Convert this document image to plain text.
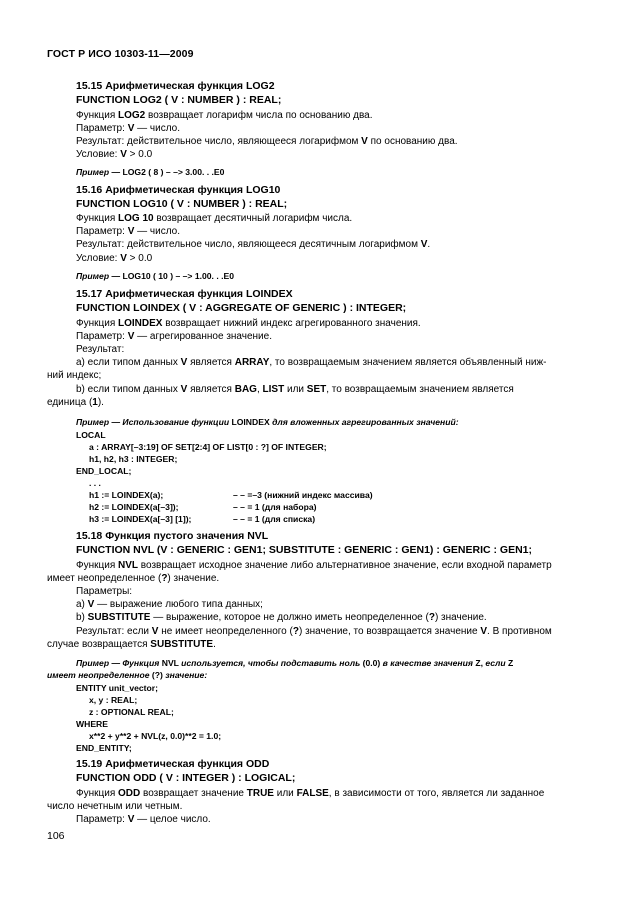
ГОСТ Р ИСО 10303-11—2009
15.15 Арифметическая функция LOG2
FUNCTION LOG2 ( V : NUMBER ) : REAL;
Функция LOG2 возвращает логарифм числа по основанию два.
Параметр: V — число.
Результат: действительное число, являющееся логарифмом V по основанию два.
Условие: V > 0.0
Пример — LOG2 ( 8 ) – –> 3.00. . .E0
15.16 Арифметическая функция LOG10
FUNCTION LOG10 ( V : NUMBER ) : REAL;
Функция LOG 10 возвращает десятичный логарифм числа.
Параметр: V — число.
Результат: действительное число, являющееся десятичным логарифмом V.
Условие: V > 0.0
Пример — LOG10 ( 10 ) – –> 1.00. . .E0
15.17 Арифметическая функция LOINDEX
FUNCTION LOINDEX ( V : AGGREGATE OF GENERIC ) : INTEGER;
Функция LOINDEX возвращает нижний индекс агрегированного значения.
Параметр: V — агрегированное значение.
Результат:
а) если типом данных V является ARRAY, то возвращаемым значением является объявленный ниж-
ний индекс;
b) если типом данных V является BAG, LIST или SET, то возвращаемым значением является
единица (1).
Пример — Использование функции LOINDEX для вложенных агрегированных значений:
LOCAL
a : ARRAY[–3:19] OF SET[2:4] OF LIST[0 : ?] OF INTEGER;
h1, h2, h3 : INTEGER;
END_LOCAL;
. . .
h1 := LOINDEX(a);
h2 := LOINDEX(a[–3]);
h3 := LOINDEX(a[–3] [1]);
– – =–3 (нижний индекс массива)
– – = 1 (для набора)
– – = 1 (для списка)
15.18 Функция пустого значения NVL
FUNCTION NVL (V : GENERIC : GEN1; SUBSTITUTE : GENERIC : GEN1) : GENERIC : GEN1;
Функция NVL возвращает исходное значение либо альтернативное значение, если входной параметр
имеет неопределенное (?) значение.
Параметры:
а) V — выражение любого типа данных;
b) SUBSTITUTE — выражение, которое не должно иметь неопределенное (?) значение.
Результат: если V не имеет неопределенного (?) значение, то возвращается значение V. В противном
случае возвращается SUBSTITUTE.
Пример — Функция NVL используется, чтобы подставить ноль (0.0) в качестве значения Z, если Z
имеет неопределенное (?) значение:
ENTITY unit_vector;
x, y : REAL;
z : OPTIONAL REAL;
WHERE
x**2 + y**2 + NVL(z, 0.0)**2 = 1.0;
END_ENTITY;
15.19 Арифметическая функция ODD
FUNCTION ODD ( V : INTEGER ) : LOGICAL;
Функция ODD возвращает значение TRUE или FALSE, в зависимости от того, является ли заданное
число нечетным или четным.
Параметр: V — целое число.
106
